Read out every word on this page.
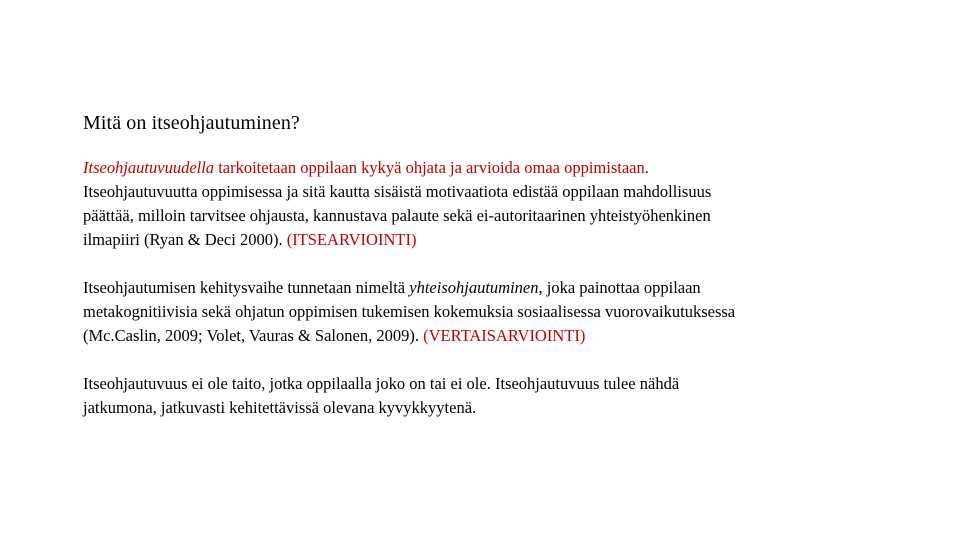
Mitä on itseohjautuminen?

Itseohjautuvuudella tarkoitetaan oppilaan kykyä ohjata ja arvioida omaa oppimistaan.
Itseohjautuvuutta oppimisessa ja sitä kautta sisäistä motivaatiota edistää oppilaan mahdollisuus
päättää, milloin tarvitsee ohjausta, kannustava palaute sekä ei-autoritaarinen yhteistyöhenkinen
ilmapiiri (Ryan & Deci 2000). (ITSEARVIOINTI)

Itseohjautumisen kehitysvaihe tunnetaan nimeltä yhteisohjautuminen, joka painottaa oppilaan
metakognitiivisia sekä ohjatun oppimisen tukemisen kokemuksia sosiaalisessa vuorovaikutuksessa
(Mc.Caslin, 2009; Volet, Vauras & Salonen, 2009). (VERTAISARVIOINTI)

Itseohjautuvuus ei ole taito, jotka oppilaalla joko on tai ei ole. Itseohjautuvuus tulee nähdä
jatkumona, jatkuvasti kehitettävissä olevana kyvykkyytenä.
